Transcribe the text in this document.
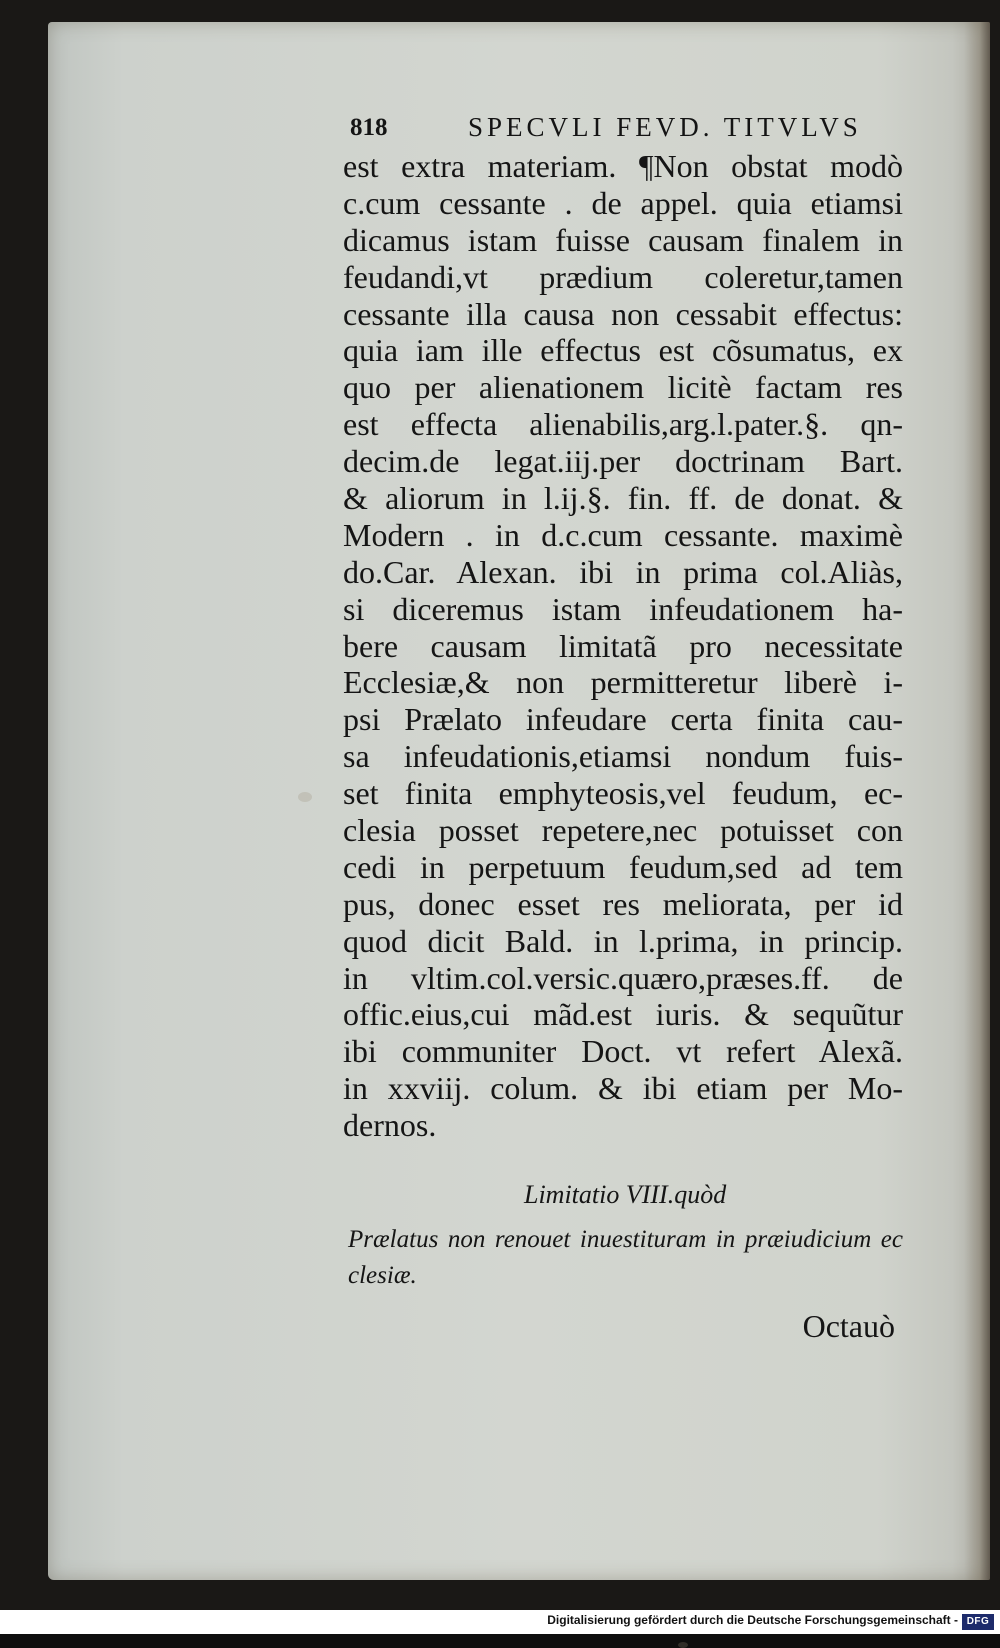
818	SPECVLI FEVD. TITVLVS
est extra materiam. ¶Non obstat modò
c.cum cessante . de appel. quia etiamsi
dicamus istam fuisse causam finalem in
feudandi,vt prædium coleretur,tamen
cessante illa causa non cessabit effectus:
quia iam ille effectus est cõsumatus, ex
quo per alienationem licitè factam res
est effecta alienabilis,arg.l.pater.§. qn-
decim.de legat.iij.per doctrinam Bart.
& aliorum in l.ij.§. fin. ff. de donat. &
Modern . in d.c.cum cessante. maximè
do.Car. Alexan. ibi in prima col.Aliàs,
si diceremus istam infeudationem ha-
bere causam limitatã pro necessitate
Ecclesiæ,& non permitteretur liberè i-
psi Prælato infeudare certa finita cau-
sa infeudationis,etiamsi nondum fuis-
set finita emphyteosis,vel feudum, ec-
clesia posset repetere,nec potuisset con
cedi in perpetuum feudum,sed ad tem
pus, donec esset res meliorata, per id
quod dicit Bald. in l.prima, in princip.
in vltim.col.versic.quæro,præses.ff. de
offic.eius,cui mãd.est iuris. & sequũtur
ibi communiter Doct. vt refert Alexã.
in xxviij. colum. & ibi etiam per Mo-
dernos.
Limitatio VIII.quòd
Prælatus non renouet inuestituram in præiudicium ec
clesiæ.
Octauò
Digitalisierung gefördert durch die Deutsche Forschungsgemeinschaft - DFG
